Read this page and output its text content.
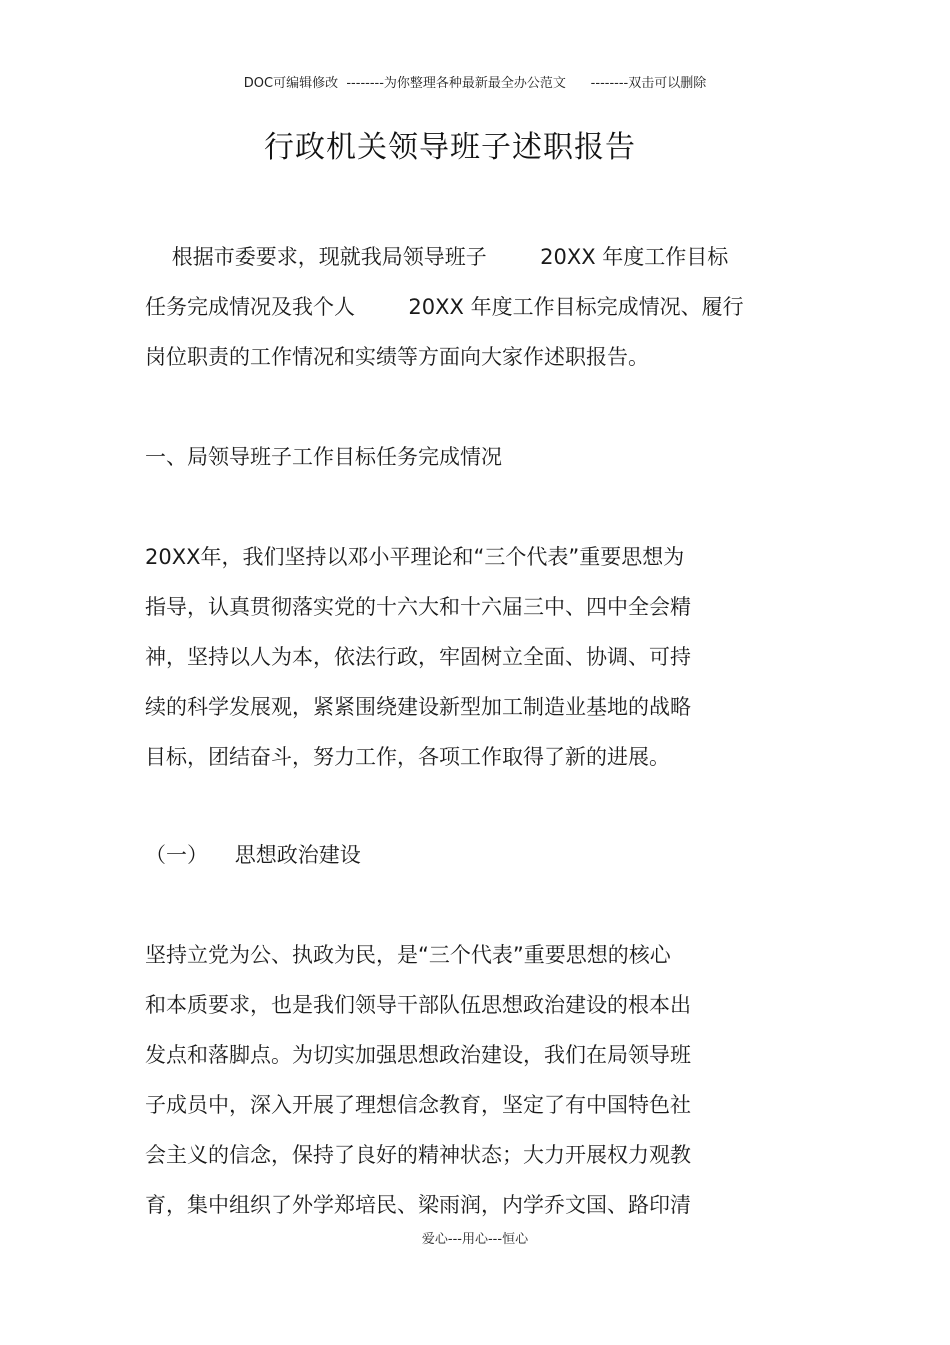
DOC可编辑修改  --------为你整理各种最新最全办公范文      --------双击可以删除
行政机关领导班子述职报告
根据市委要求，现就我局领导班子        20XX 年度工作目标
任务完成情况及我个人        20XX 年度工作目标完成情况、履行
岗位职责的工作情况和实绩等方面向大家作述职报告。
一、局领导班子工作目标任务完成情况
20XX年，我们坚持以邓小平理论和“三个代表”重要思想为
指导，认真贯彻落实党的十六大和十六届三中、四中全会精
神，坚持以人为本，依法行政，牢固树立全面、协调、可持
续的科学发展观，紧紧围绕建设新型加工制造业基地的战略
目标，团结奋斗，努力工作，各项工作取得了新的进展。
（一）    思想政治建设
坚持立党为公、执政为民，是“三个代表”重要思想的核心
和本质要求，也是我们领导干部队伍思想政治建设的根本出
发点和落脚点。为切实加强思想政治建设，我们在局领导班
子成员中，深入开展了理想信念教育，坚定了有中国特色社
会主义的信念，保持了良好的精神状态；大力开展权力观教
育，集中组织了外学郑培民、梁雨润，内学乔文国、路印清
爱心---用心---恒心
